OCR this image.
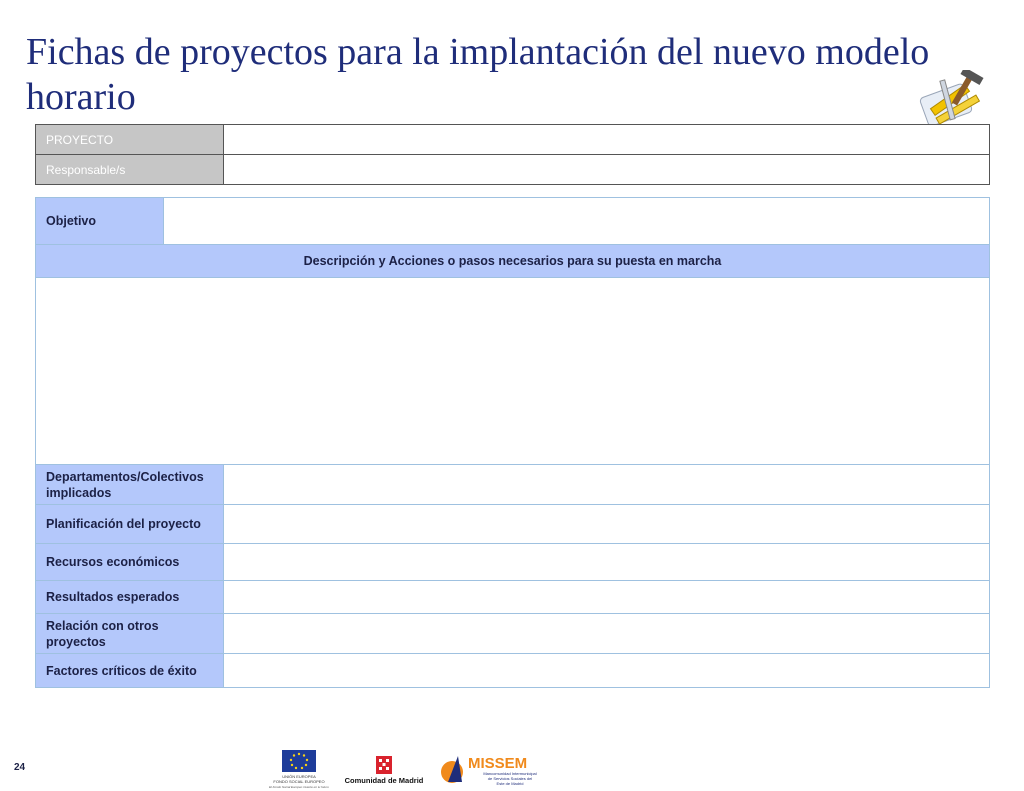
Fichas de proyectos para la implantación del nuevo modelo horario
PROYECTO	
Responsable/s	
Objetivo		
Descripción y Acciones o pasos necesarios para su puesta en marcha		

Departamentos/Colectivos implicados		
Planificación del proyecto		
Recursos económicos		
Resultados esperados		
Relación con otros proyectos		
Factores críticos de éxito		
24
UNIÓN EUROPEA
FONDO SOCIAL EUROPEO
El Fondo Social Europeo invierte en tu futuro
Comunidad de Madrid
MISSEM
Mancomunidad Intermunicipal
de Servicios Sociales del
Este de Madrid
